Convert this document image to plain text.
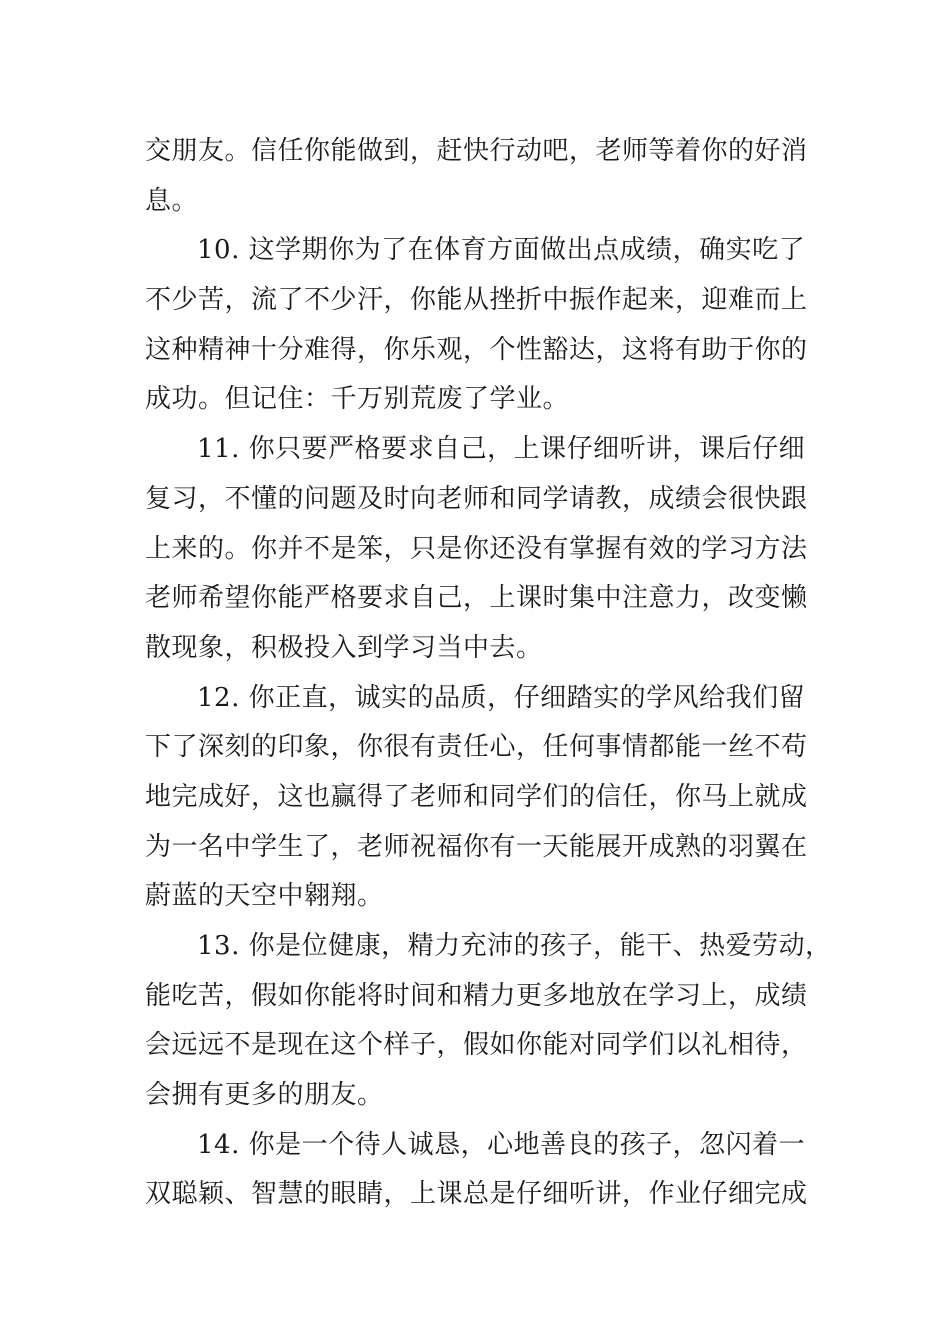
交朋友。信任你能做到，赶快行动吧，老师等着你的好消
息。
10. 这学期你为了在体育方面做出点成绩，确实吃了
不少苦，流了不少汗，你能从挫折中振作起来，迎难而上
这种精神十分难得，你乐观，个性豁达，这将有助于你的
成功。但记住：千万别荒废了学业。
11. 你只要严格要求自己，上课仔细听讲，课后仔细
复习，不懂的问题及时向老师和同学请教，成绩会很快跟
上来的。你并不是笨，只是你还没有掌握有效的学习方法
老师希望你能严格要求自己，上课时集中注意力，改变懒
散现象，积极投入到学习当中去。
12. 你正直，诚实的品质，仔细踏实的学风给我们留
下了深刻的印象，你很有责任心，任何事情都能一丝不苟
地完成好，这也赢得了老师和同学们的信任，你马上就成
为一名中学生了，老师祝福你有一天能展开成熟的羽翼在
蔚蓝的天空中翱翔。
13. 你是位健康，精力充沛的孩子，能干、热爱劳动，
能吃苦，假如你能将时间和精力更多地放在学习上，成绩
会远远不是现在这个样子，假如你能对同学们以礼相待，
会拥有更多的朋友。
14. 你是一个待人诚恳，心地善良的孩子，忽闪着一
双聪颖、智慧的眼睛，上课总是仔细听讲，作业仔细完成
